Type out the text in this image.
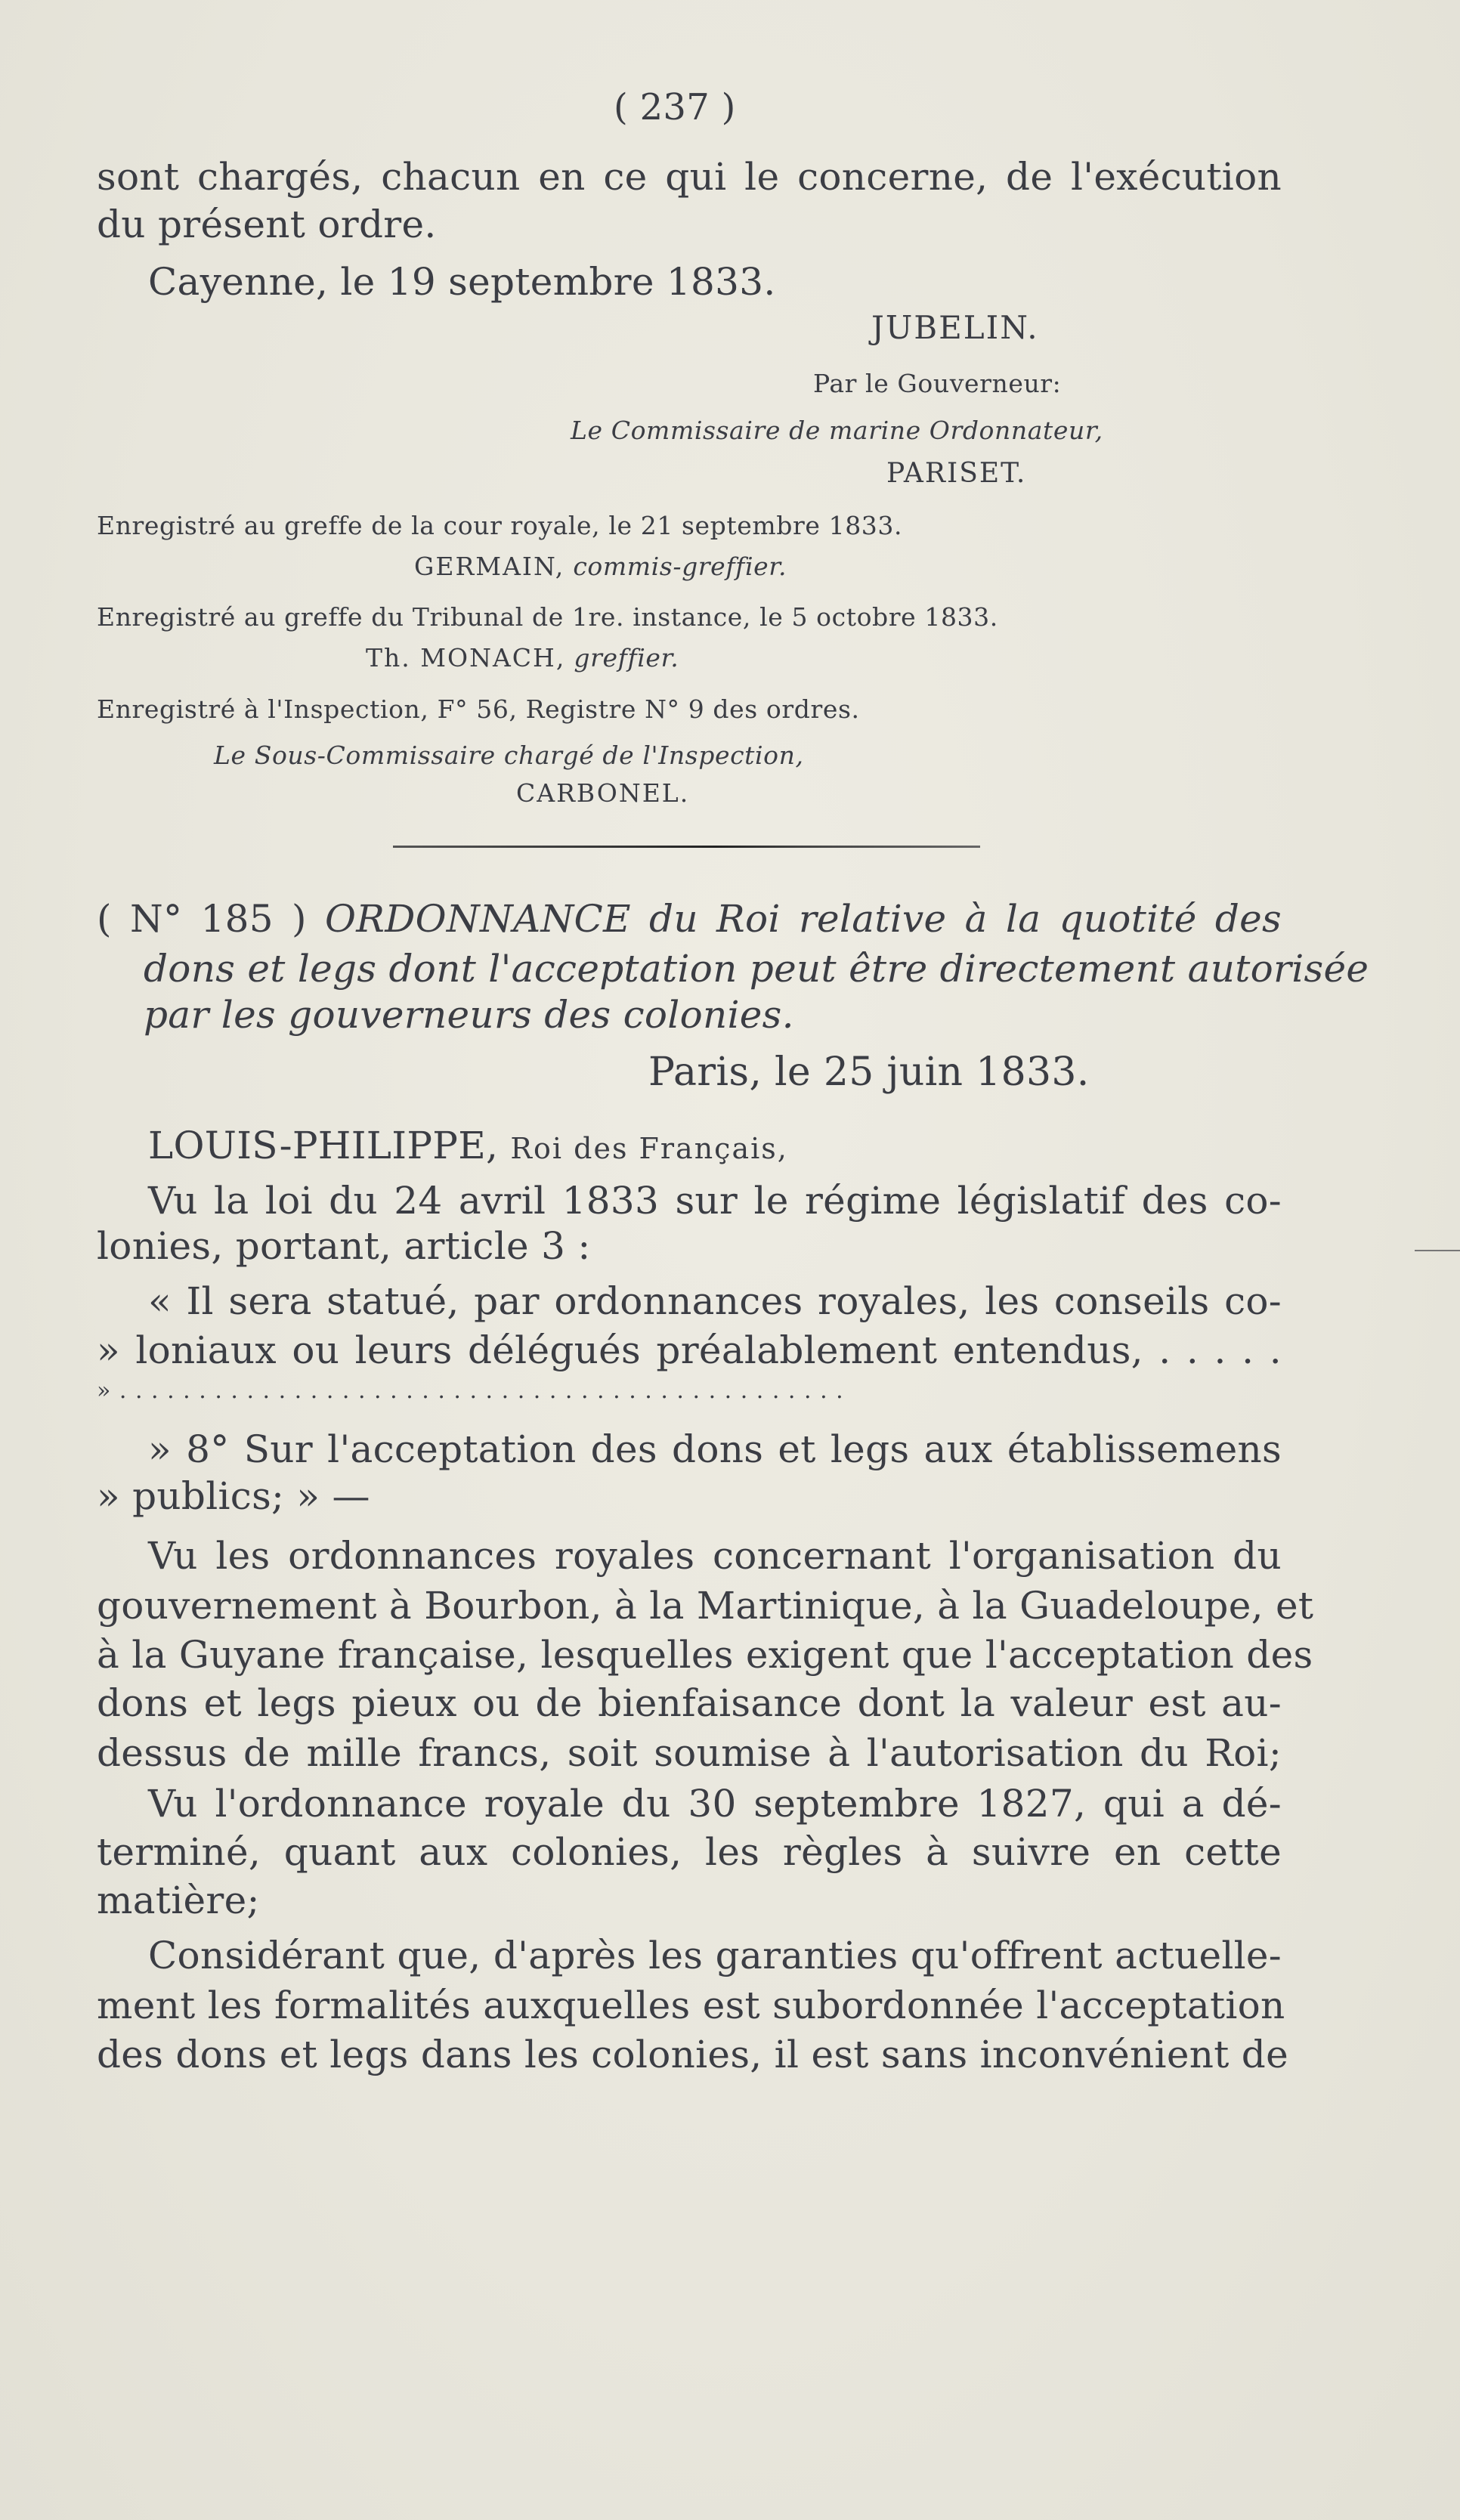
( 237 )
sont chargés, chacun en ce qui le concerne, de l'exécution
du présent ordre.
Cayenne, le 19 septembre 1833.
JUBELIN.
Par le Gouverneur:
Le Commissaire de marine Ordonnateur,
PARISET.
Enregistré au greffe de la cour royale, le 21 septembre 1833.
GERMAIN, commis-greffier.
Enregistré au greffe du Tribunal de 1re. instance, le 5 octobre 1833.
Th. MONACH, greffier.
Enregistré à l'Inspection, F° 56, Registre N° 9 des ordres.
Le Sous-Commissaire chargé de l'Inspection,
CARBONEL.
( N° 185 ) ORDONNANCE du Roi relative à la quotité des
dons et legs dont l'acceptation peut être directement autorisée
par les gouverneurs des colonies.
Paris, le 25 juin 1833.
LOUIS-PHILIPPE, Roi des Français,
Vu la loi du 24 avril 1833 sur le régime législatif des co-
lonies, portant, article 3 :
« Il sera statué, par ordonnances royales, les conseils co-
» loniaux ou leurs délégués préalablement entendus, . . . . .
» . . . . . . . . . . . . . . . . . . . . . . . . . . . . . . . . . . . . . . . . . . . . . .
» 8° Sur l'acceptation des dons et legs aux établissemens
» publics; » —
Vu les ordonnances royales concernant l'organisation du
gouvernement à Bourbon, à la Martinique, à la Guadeloupe, et
à la Guyane française, lesquelles exigent que l'acceptation des
dons et legs pieux ou de bienfaisance dont la valeur est au-
dessus de mille francs, soit soumise à l'autorisation du Roi;
Vu l'ordonnance royale du 30 septembre 1827, qui a dé-
terminé, quant aux colonies, les règles à suivre en cette
matière;
Considérant que, d'après les garanties qu'offrent actuelle-
ment les formalités auxquelles est subordonnée l'acceptation
des dons et legs dans les colonies, il est sans inconvénient de
